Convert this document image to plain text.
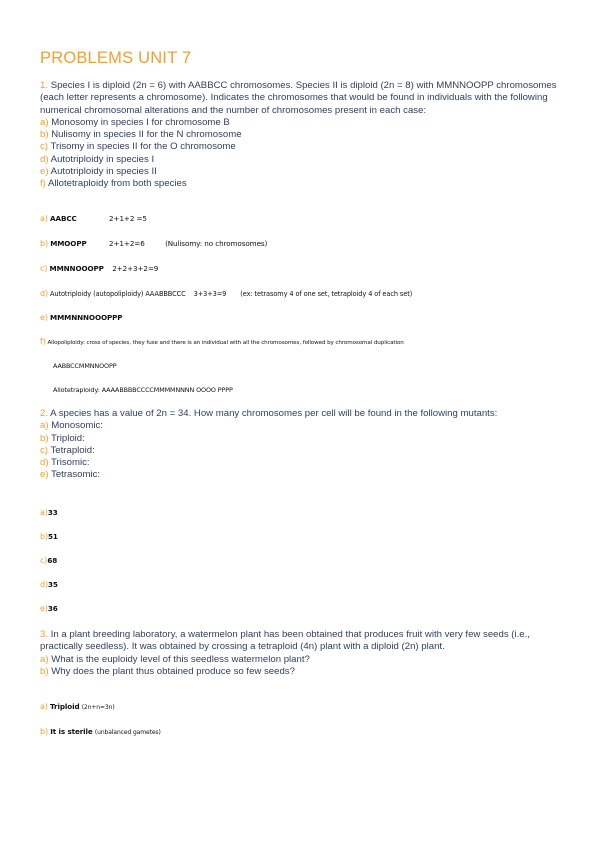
PROBLEMS UNIT 7
1. Species I is diploid (2n = 6) with AABBCC chromosomes. Species II is diploid (2n = 8) with MMNNOOPP chromosomes (each letter represents a chromosome). Indicates the chromosomes that would be found in individuals with the following numerical chromosomal alterations and the number of chromosomes present in each case:
a) Monosomy in species I for chromosome B
b) Nulisomy in species II for the N chromosome
c) Trisomy in species II for the O chromosome
d) Autotriploidy in species I
e) Autotriploidy in species II
f) Allotetraploidy from both species
a) AABCC	2+1+2 =5
b) MMOOPP	2+1+2=6	(Nulisomy: no chromosomes)
c) MMNNOOOPP 2+2+3+2=9
d) Autotriploidy (autopoliploidy) AAABBBCCC 3+3+3=9 (ex: tetrasomy 4 of one set, tetraploidy 4 of each set)
e) MMMNNNOOOPPP
f) Allopoliploidy: cross of species, they fuse and there is an individual with all the chromosomes, followed by chromosomal duplication
AABBCCMMNNOOPP
Allotetraploidy: AAAABBBBCCCCMMMMNNNN OOOO PPPP
2. A species has a value of 2n = 34. How many chromosomes per cell will be found in the following mutants:
a) Monosomic:
b) Triploid:
c) Tetraploid:
d) Trisomic:
e) Tetrasomic:
a)33
b)51
c)68
d)35
e)36
3. In a plant breeding laboratory, a watermelon plant has been obtained that produces fruit with very few seeds (i.e., practically seedless). It was obtained by crossing a tetraploid (4n) plant with a diploid (2n) plant.
a) What is the euploidy level of this seedless watermelon plant?
b) Why does the plant thus obtained produce so few seeds?
a) Triploid (2n+n=3n)
b) It is sterile (unbalanced gametes)
